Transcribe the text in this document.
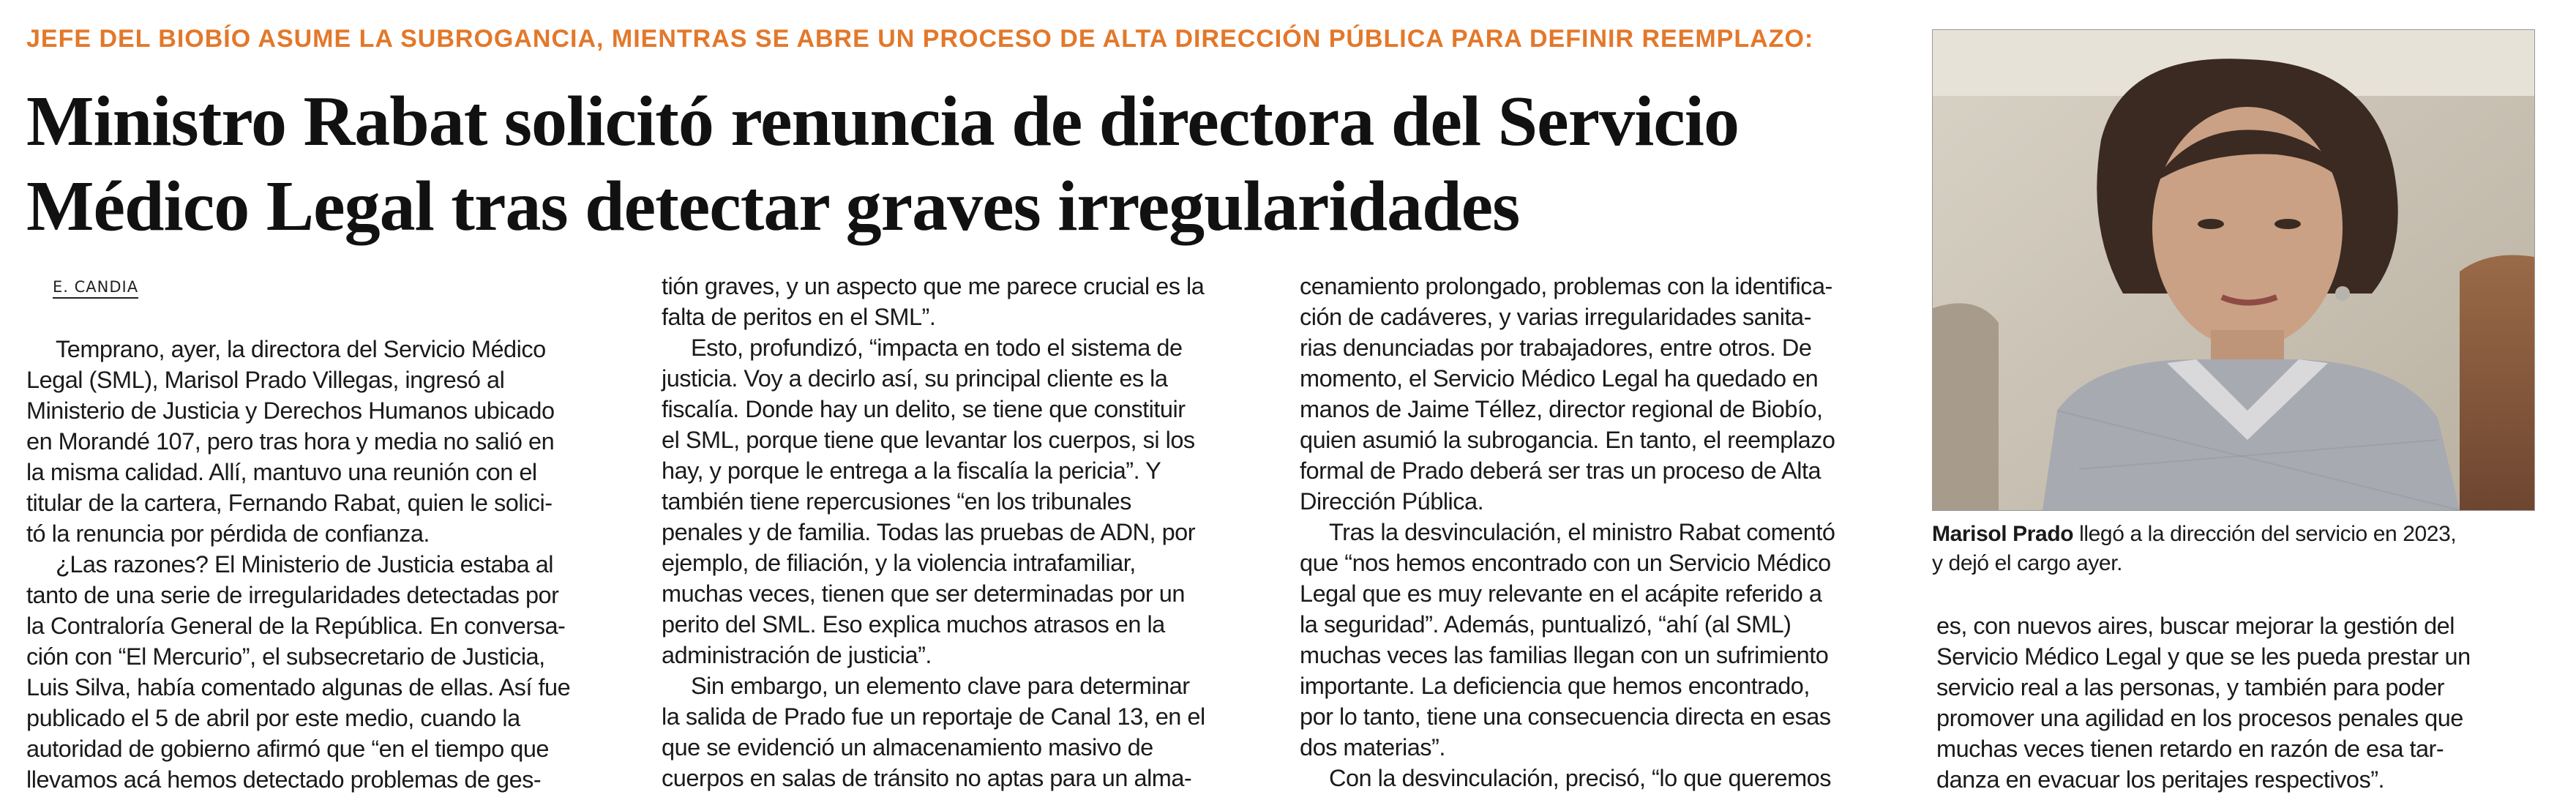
JEFE DEL BIOBÍO ASUME LA SUBROGANCIA, MIENTRAS SE ABRE UN PROCESO DE ALTA DIRECCIÓN PÚBLICA PARA DEFINIR REEMPLAZO:
Ministro Rabat solicitó renuncia de directora del Servicio
Médico Legal tras detectar graves irregularidades
E. CANDIA
Temprano, ayer, la directora del Servicio Médico
Legal (SML), Marisol Prado Villegas, ingresó al
Ministerio de Justicia y Derechos Humanos ubicado
en Morandé 107, pero tras hora y media no salió en
la misma calidad. Allí, mantuvo una reunión con el
titular de la cartera, Fernando Rabat, quien le solici-
tó la renuncia por pérdida de confianza.
¿Las razones? El Ministerio de Justicia estaba al
tanto de una serie de irregularidades detectadas por
la Contraloría General de la República. En conversa-
ción con “El Mercurio”, el subsecretario de Justicia,
Luis Silva, había comentado algunas de ellas. Así fue
publicado el 5 de abril por este medio, cuando la
autoridad de gobierno afirmó que “en el tiempo que
llevamos acá hemos detectado problemas de ges-
tión graves, y un aspecto que me parece crucial es la
falta de peritos en el SML”.
Esto, profundizó, “impacta en todo el sistema de
justicia. Voy a decirlo así, su principal cliente es la
fiscalía. Donde hay un delito, se tiene que constituir
el SML, porque tiene que levantar los cuerpos, si los
hay, y porque le entrega a la fiscalía la pericia”. Y
también tiene repercusiones “en los tribunales
penales y de familia. Todas las pruebas de ADN, por
ejemplo, de filiación, y la violencia intrafamiliar,
muchas veces, tienen que ser determinadas por un
perito del SML. Eso explica muchos atrasos en la
administración de justicia”.
Sin embargo, un elemento clave para determinar
la salida de Prado fue un reportaje de Canal 13, en el
que se evidenció un almacenamiento masivo de
cuerpos en salas de tránsito no aptas para un alma-
cenamiento prolongado, problemas con la identifica-
ción de cadáveres, y varias irregularidades sanita-
rias denunciadas por trabajadores, entre otros. De
momento, el Servicio Médico Legal ha quedado en
manos de Jaime Téllez, director regional de Biobío,
quien asumió la subrogancia. En tanto, el reemplazo
formal de Prado deberá ser tras un proceso de Alta
Dirección Pública.
Tras la desvinculación, el ministro Rabat comentó
que “nos hemos encontrado con un Servicio Médico
Legal que es muy relevante en el acápite referido a
la seguridad”. Además, puntualizó, “ahí (al SML)
muchas veces las familias llegan con un sufrimiento
importante. La deficiencia que hemos encontrado,
por lo tanto, tiene una consecuencia directa en esas
dos materias”.
Con la desvinculación, precisó, “lo que queremos
Marisol Prado llegó a la dirección del servicio en 2023,
y dejó el cargo ayer.
es, con nuevos aires, buscar mejorar la gestión del
Servicio Médico Legal y que se les pueda prestar un
servicio real a las personas, y también para poder
promover una agilidad en los procesos penales que
muchas veces tienen retardo en razón de esa tar-
danza en evacuar los peritajes respectivos”.
